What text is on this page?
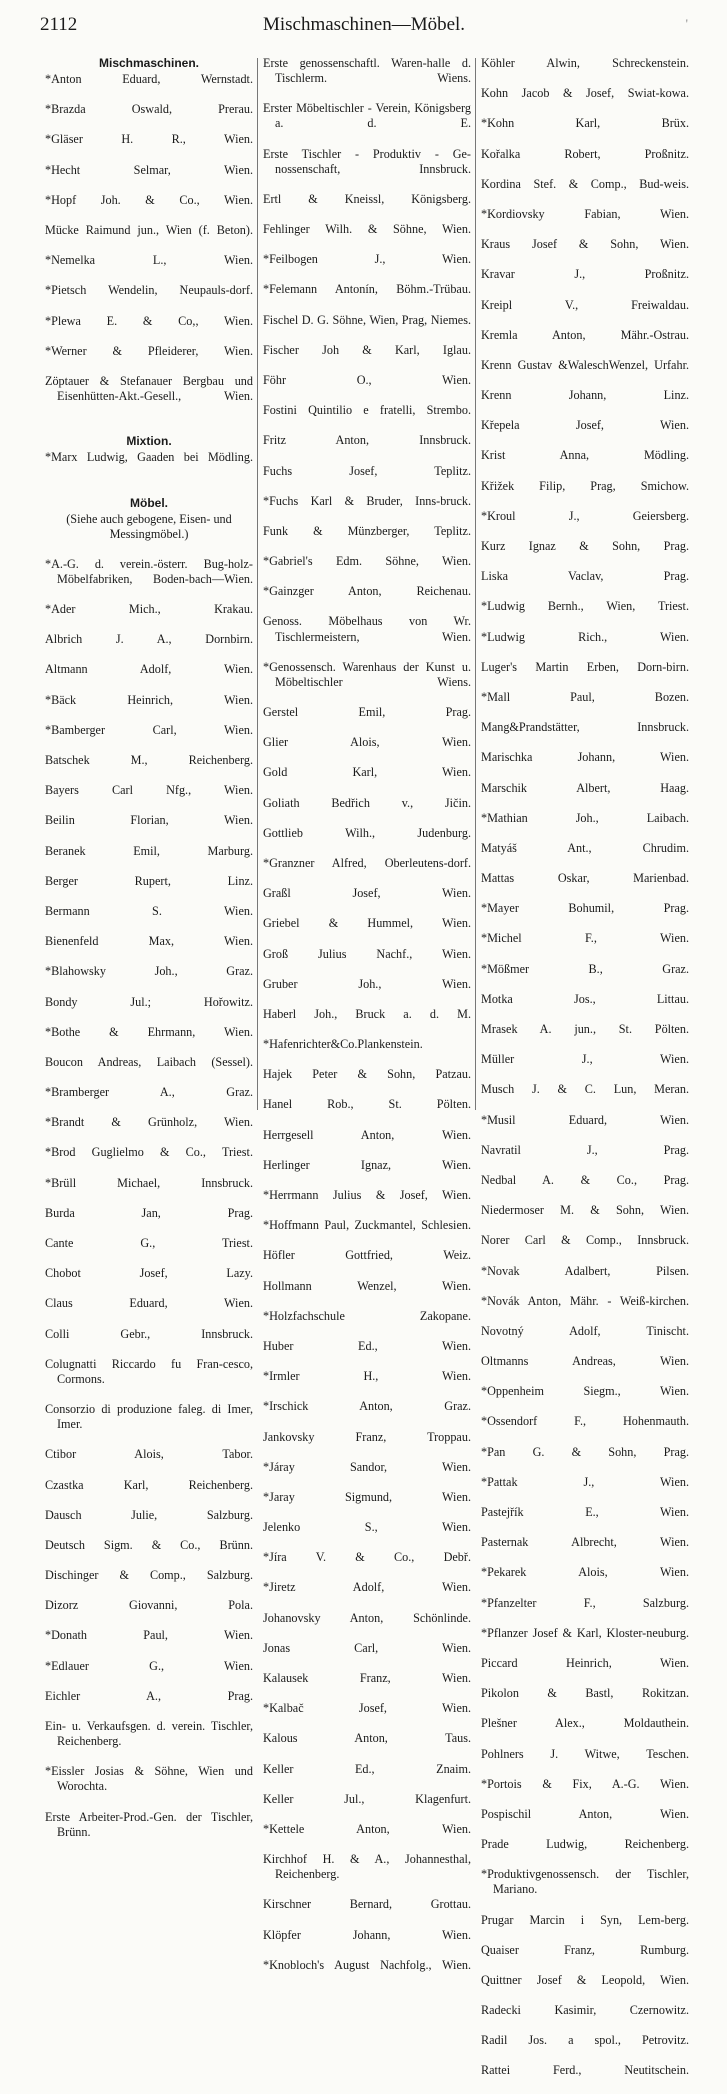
2112	Mischmaschinen—Möbel.	'
Mischmaschinen.
*Anton Eduard, Wernstadt.
*Brazda Oswald, Prerau.
*Gläser H. R., Wien.
*Hecht Selmar, Wien.
*Hopf Joh. & Co., Wien.
Mücke Raimund jun., Wien (f. Beton).
*Nemelka L., Wien.
*Pietsch Wendelin, Neupauls-dorf.
*Plewa E. & Co,, Wien.
*Werner & Pfleiderer, Wien.
Zöptauer & Stefanauer Bergbau und Eisenhütten-Akt.-Gesell., Wien.
Mixtion.
*Marx Ludwig, Gaaden bei Mödling.
Möbel.
(Siehe auch gebogene, Eisen- und Messingmöbel.)
*A.-G. d. verein.-österr. Bug-holz-Möbelfabriken, Boden-bach—Wien.
*Ader Mich., Krakau.
Albrich J. A., Dornbirn.
Altmann Adolf, Wien.
*Bäck Heinrich, Wien.
*Bamberger Carl, Wien.
Batschek M., Reichenberg.
Bayers Carl Nfg., Wien.
Beilin Florian, Wien.
Beranek Emil, Marburg.
Berger Rupert, Linz.
Bermann S. Wien.
Bienenfeld Max, Wien.
*Blahowsky Joh., Graz.
Bondy Jul.; Hořowitz.
*Bothe & Ehrmann, Wien.
Boucon Andreas, Laibach (Sessel).
*Bramberger A., Graz.
*Brandt & Grünholz, Wien.
*Brod Guglielmo & Co., Triest.
*Brüll Michael, Innsbruck.
Burda Jan, Prag.
Cante G., Triest.
Chobot Josef, Lazy.
Claus Eduard, Wien.
Colli Gebr., Innsbruck.
Colugnatti Riccardo fu Fran-cesco, Cormons.
Consorzio di produzione faleg. di Imer, Imer.
Ctibor Alois, Tabor.
Czastka Karl, Reichenberg.
Dausch Julie, Salzburg.
Deutsch Sigm. & Co., Brünn.
Dischinger & Comp., Salzburg.
Dizorz Giovanni, Pola.
*Donath Paul, Wien.
*Edlauer G., Wien.
Eichler A., Prag.
Ein- u. Verkaufsgen. d. verein. Tischler, Reichenberg.
*Eissler Josias & Söhne, Wien und Worochta.
Erste Arbeiter-Prod.-Gen. der Tischler, Brünn.
Erste genossenschaftl. Waren-halle d. Tischlerm. Wiens.
Erster Möbeltischler - Verein, Königsberg a. d. E.
Erste Tischler - Produktiv - Ge-nossenschaft, Innsbruck.
Ertl & Kneissl, Königsberg.
Fehlinger Wilh. & Söhne, Wien.
*Feilbogen J., Wien.
*Felemann Antonín, Böhm.-Trübau.
Fischel D. G. Söhne, Wien, Prag, Niemes.
Fischer Joh & Karl, Iglau.
Föhr O., Wien.
Fostini Quintilio e fratelli, Strembo.
Fritz Anton, Innsbruck.
Fuchs Josef, Teplitz.
*Fuchs Karl & Bruder, Inns-bruck.
Funk & Münzberger, Teplitz.
*Gabriel's Edm. Söhne, Wien.
*Gainzger Anton, Reichenau.
Genoss. Möbelhaus von Wr. Tischlermeistern, Wien.
*Genossensch. Warenhaus der Kunst u. Möbeltischler Wiens.
Gerstel Emil, Prag.
Glier Alois, Wien.
Gold Karl, Wien.
Goliath Bedřich v., Jičin.
Gottlieb Wilh., Judenburg.
*Granzner Alfred, Oberleutens-dorf.
Graßl Josef, Wien.
Griebel & Hummel, Wien.
Groß Julius Nachf., Wien.
Gruber Joh., Wien.
Haberl Joh., Bruck a. d. M.
*Hafenrichter&Co.Plankenstein.
Hajek Peter & Sohn, Patzau.
Hanel Rob., St. Pölten.
Herrgesell Anton, Wien.
Herlinger Ignaz, Wien.
*Herrmann Julius & Josef, Wien.
*Hoffmann Paul, Zuckmantel, Schlesien.
Höfler Gottfried, Weiz.
Hollmann Wenzel, Wien.
*Holzfachschule Zakopane.
Huber Ed., Wien.
*Irmler H., Wien.
*Irschick Anton, Graz.
Jankovsky Franz, Troppau.
*Járay Sandor, Wien.
*Jaray Sigmund, Wien.
Jelenko S., Wien.
*Jíra V. & Co., Debř.
*Jiretz Adolf, Wien.
Johanovsky Anton, Schönlinde.
Jonas Carl, Wien.
Kalausek Franz, Wien.
*Kalbač Josef, Wien.
Kalous Anton, Taus.
Keller Ed., Znaim.
Keller Jul., Klagenfurt.
*Kettele Anton, Wien.
Kirchhof H. & A., Johannesthal, Reichenberg.
Kirschner Bernard, Grottau.
Klöpfer Johann, Wien.
*Knobloch's August Nachfolg., Wien.
Köhler Alwin, Schreckenstein.
Kohn Jacob & Josef, Swiat-kowa.
*Kohn Karl, Brüx.
Kořalka Robert, Proßnitz.
Kordina Stef. & Comp., Bud-weis.
*Kordiovsky Fabian, Wien.
Kraus Josef & Sohn, Wien.
Kravar J., Proßnitz.
Kreipl V., Freiwaldau.
Kremla Anton, Mähr.-Ostrau.
Krenn Gustav &WaleschWenzel, Urfahr.
Krenn Johann, Linz.
Křepela Josef, Wien.
Krist Anna, Mödling.
Křižek Filip, Prag, Smichow.
*Kroul J., Geiersberg.
Kurz Ignaz & Sohn, Prag.
Liska Vaclav, Prag.
*Ludwig Bernh., Wien, Triest.
*Ludwig Rich., Wien.
Luger's Martin Erben, Dorn-birn.
*Mall Paul, Bozen.
Mang&Prandstätter, Innsbruck.
Marischka Johann, Wien.
Marschik Albert, Haag.
*Mathian Joh., Laibach.
Matyáš Ant., Chrudim.
Mattas Oskar, Marienbad.
*Mayer Bohumil, Prag.
*Michel F., Wien.
*Mößmer B., Graz.
Motka Jos., Littau.
Mrasek A. jun., St. Pölten.
Müller J., Wien.
Musch J. & C. Lun, Meran.
*Musil Eduard, Wien.
Navratil J., Prag.
Nedbal A. & Co., Prag.
Niedermoser M. & Sohn, Wien.
Norer Carl & Comp., Innsbruck.
*Novak Adalbert, Pilsen.
*Novák Anton, Mähr. - Weiß-kirchen.
Novotný Adolf, Tinischt.
Oltmanns Andreas, Wien.
*Oppenheim Siegm., Wien.
*Ossendorf F., Hohenmauth.
*Pan G. & Sohn, Prag.
*Pattak J., Wien.
Pastejřík E., Wien.
Pasternak Albrecht, Wien.
*Pekarek Alois, Wien.
*Pfanzelter F., Salzburg.
*Pflanzer Josef & Karl, Kloster-neuburg.
Piccard Heinrich, Wien.
Pikolon & Bastl, Rokitzan.
Plešner Alex., Moldauthein.
Pohlners J. Witwe, Teschen.
*Portois & Fix, A.-G. Wien.
Pospischil Anton, Wien.
Prade Ludwig, Reichenberg.
*Produktivgenossensch. der Tischler, Mariano.
Prugar Marcin i Syn, Lem-berg.
Quaiser Franz, Rumburg.
Quittner Josef & Leopold, Wien.
Radecki Kasimir, Czernowitz.
Radil Jos. a spol., Petrovitz.
Rattei Ferd., Neutitschein.
